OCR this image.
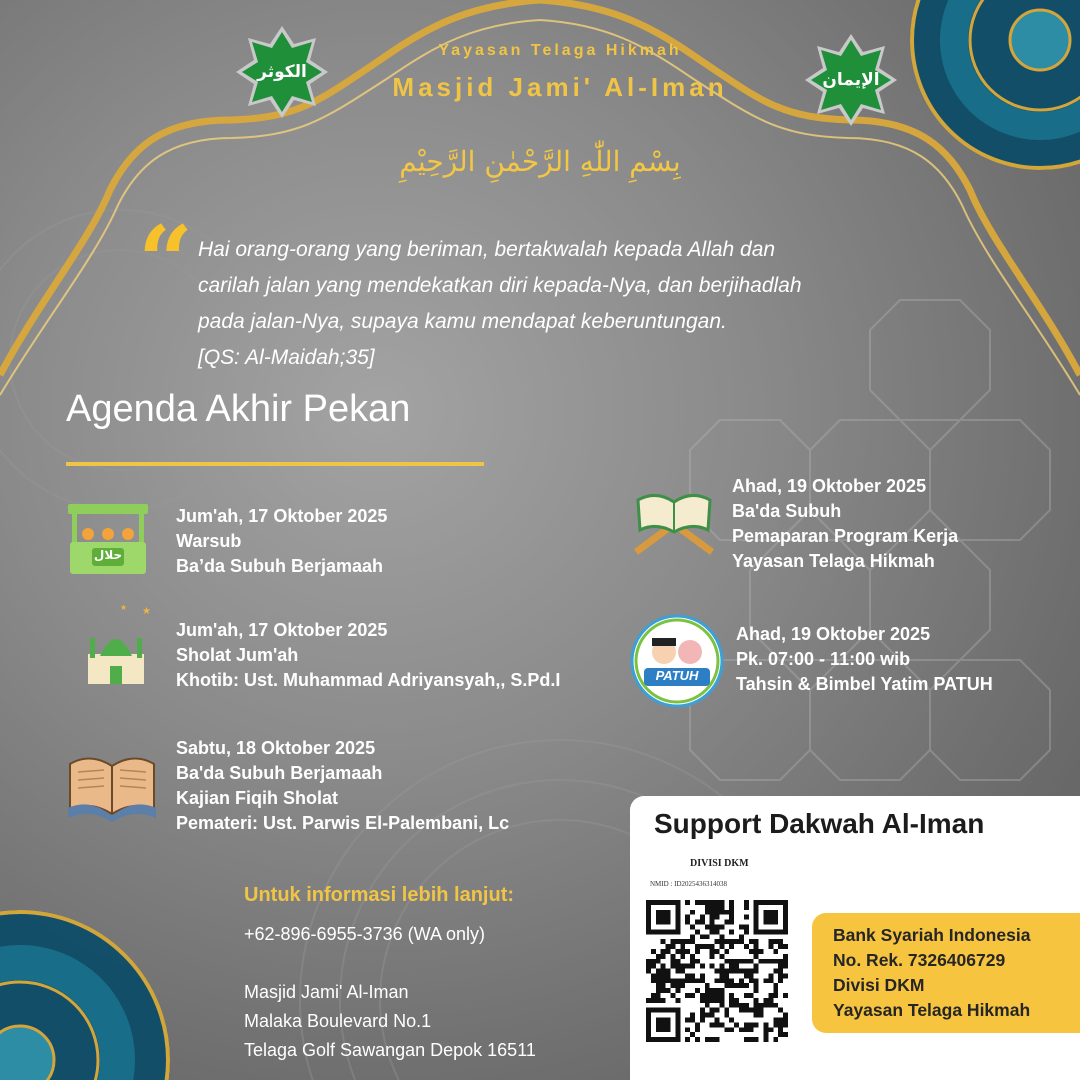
الكوثر	الإيمان
Yayasan Telaga Hikmah
Masjid Jami' Al-Iman
بِسْمِ اللّٰهِ الرَّحْمٰنِ الرَّحِيْمِ
“ Hai orang-orang yang beriman, bertakwalah kepada Allah dan
carilah jalan yang mendekatkan diri kepada-Nya, dan berjihadlah
pada jalan-Nya, supaya kamu mendapat keberuntungan.
[QS: Al-Maidah;35]
Agenda Akhir Pekan
حلال
Jum'ah, 17 Oktober 2025
Warsub
Ba’da Subuh Berjamaah
★
★
Jum'ah, 17 Oktober 2025
Sholat Jum'ah
Khotib: Ust. Muhammad Adriyansyah,, S.Pd.I
Sabtu, 18 Oktober 2025
Ba'da Subuh Berjamaah
Kajian Fiqih Sholat
Pemateri: Ust. Parwis El-Palembani, Lc
Ahad, 19 Oktober 2025
Ba'da Subuh
Pemaparan Program Kerja
Yayasan Telaga Hikmah
PATUH
Ahad, 19 Oktober 2025
Pk. 07:00 - 11:00 wib
Tahsin & Bimbel Yatim PATUH
Untuk informasi lebih lanjut:
+62-896-6955-3736 (WA only)
Masjid Jami' Al-Iman
Malaka Boulevard No.1
Telaga Golf Sawangan Depok 16511
Support Dakwah Al-Iman
DIVISI DKM
NMID : ID2025436314038
Bank Syariah Indonesia
No. Rek. 7326406729
Divisi DKM
Yayasan Telaga Hikmah
